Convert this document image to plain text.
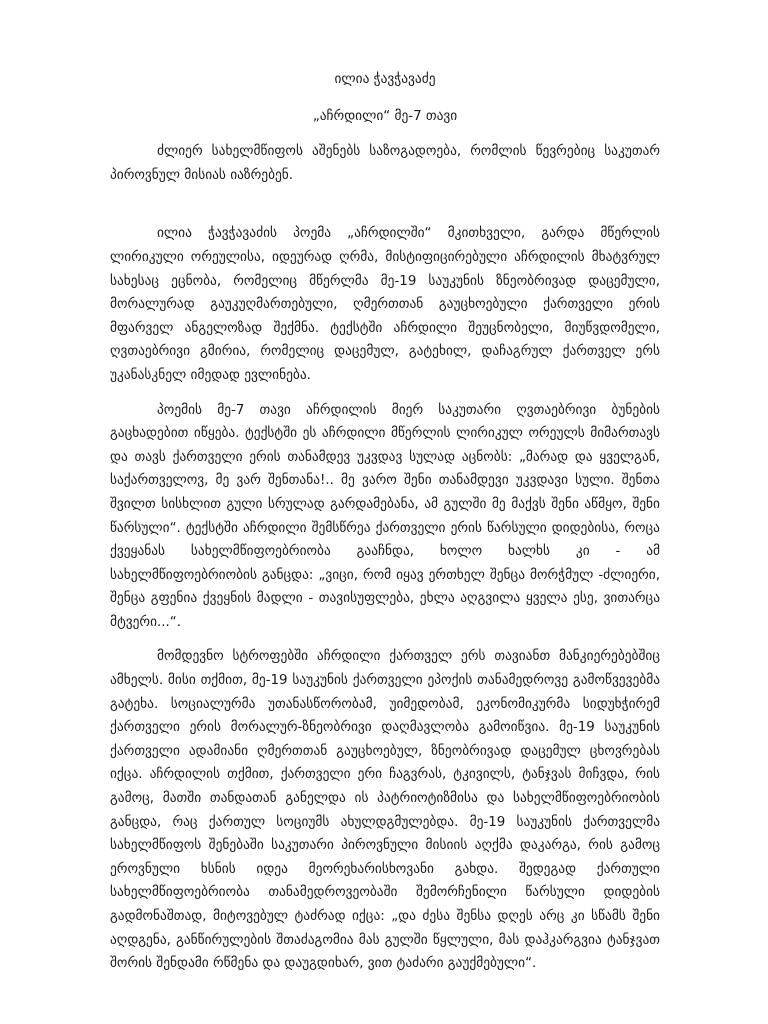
ილია ჭავჭავაძე

„აჩრდილი“ მე-7 თავი

ძლიერ სახელმწიფოს აშენებს საზოგადოება, რომლის წევრებიც საკუთარ პიროვნულ მისიას იაზრებენ.

ილია ჭავჭავაძის პოემა „აჩრდილში“ მკითხველი, გარდა მწერლის ლირიკული ორეულისა, იდეურად ღრმა, მისტიფიცირებული აჩრდილის მხატვრულ სახესაც ეცნობა, რომელიც მწერლმა მე-19 საუკუნის ზნეობრივად დაცემული, მორალურად გაუკუღმართებული, ღმერთთან გაუცხოებული ქართველი ერის მფარველ ანგელოზად შექმნა. ტექსტში აჩრდილი შეუცნობელი, მიუწვდომელი, ღვთაებრივი გმირია, რომელიც დაცემულ, გატეხილ, დაჩაგრულ ქართველ ერს უკანასკნელ იმედად ევლინება.

პოემის მე-7 თავი აჩრდილის მიერ საკუთარი ღვთაებრივი ბუნების გაცხადებით იწყება. ტექსტში ეს აჩრდილი მწერლის ლირიკულ ორეულს მიმართავს და თავს ქართველი ერის თანამდევ უკვდავ სულად აცნობს: „მარად და ყველგან, საქართველოვ, მე ვარ შენთანა!.. მე ვარო შენი თანამდევი უკვდავი სული. შენთა შვილთ სისხლით გული სრულად გარდამებანა, ამ გულში მე მაქვს შენი აწმყო, შენი წარსული“. ტექსტში აჩრდილი შემსწრეა ქართველი ერის წარსული დიდებისა, როცა ქვეყანას სახელმწიფოებრიობა გააჩნდა, ხოლო ხალხს კი - ამ სახელმწიფოებრიობის განცდა: „ვიცი, რომ იყავ ერთხელ შენცა მორჭმულ -ძლიერი, შენცა გფენია ქვეყნის მადლი - თავისუფლება, ეხლა აღგვილა ყველა ესე, ვითარცა მტვერი...“.

მომდევნო სტროფებში აჩრდილი ქართველ ერს თავიანთ მანკიერებებშიც ამხელს. მისი თქმით, მე-19 საუკუნის ქართველი ეპოქის თანამედროვე გამოწვევებმა გატეხა. სოციალურმა უთანასწორობამ, უიმედობამ, ეკონომიკურმა სიდუხჭირემ ქართველი ერის მორალურ-ზნეობრივი დაღმავლობა გამოიწვია. მე-19 საუკუნის ქართველი ადამიანი ღმერთთან გაუცხოებულ, ზნეობრივად დაცემულ ცხოვრებას იქცა. აჩრდილის თქმით, ქართველი ერი ჩაგვრას, ტკივილს, ტანჯვას მიჩვდა, რის გამოც, მათში თანდათან განელდა ის პატრიოტიზმისა და სახელმწიფოებრიობის განცდა, რაც ქართულ სოციუმს ახულდგმულებდა. მე-19 საუკუნის ქართველმა სახელმწიფოს შენებაში საკუთარი პიროვნული მისიის აღქმა დაკარგა, რის გამოც ეროვნული ხსნის იდეა მეორეხარისხოვანი გახდა. შედეგად ქართული სახელმწიფოებრიობა თანამედროვეობაში შემორჩენილი წარსული დიდების გადმონაშთად, მიტოვებულ ტაძრად იქცა: „და ძესა შენსა დღეს არც კი სწამს შენი აღდგენა, განწირულების შთაძაგომია მას გულში წყლული, მას დაჰკარგვია ტანჯვათ შორის შენდამი რწმენა და დაუგდიხარ, ვით ტაძარი გაუქმებული“.
